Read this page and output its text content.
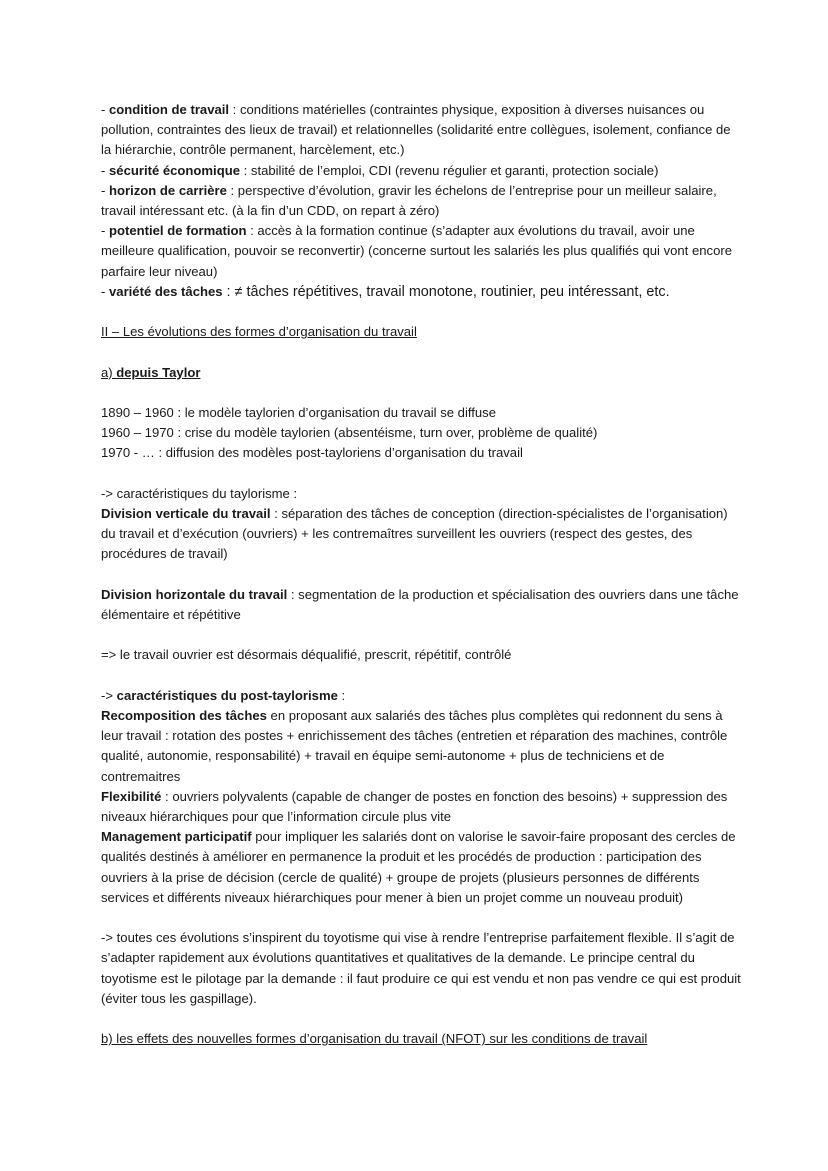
- condition de travail : conditions matérielles (contraintes physique, exposition à diverses nuisances ou pollution, contraintes des lieux de travail) et relationnelles (solidarité entre collègues, isolement, confiance de la hiérarchie, contrôle permanent, harcèlement, etc.)

- sécurité économique : stabilité de l’emploi, CDI (revenu régulier et garanti, protection sociale)

- horizon de carrière : perspective d’évolution, gravir les échelons de l’entreprise pour un meilleur salaire, travail intéressant etc. (à la fin d’un CDD, on repart à zéro)

- potentiel de formation : accès à la formation continue (s’adapter aux évolutions du travail, avoir une meilleure qualification, pouvoir se reconvertir) (concerne surtout les salariés les plus qualifiés qui vont encore parfaire leur niveau)

- variété des tâches : ≠ tâches répétitives, travail monotone, routinier, peu intéressant, etc.

II – Les évolutions des formes d’organisation du travail

a) depuis Taylor

1890 – 1960 : le modèle taylorien d’organisation du travail se diffuse

1960 – 1970 : crise du modèle taylorien (absentéisme, turn over, problème de qualité)

1970 - … : diffusion des modèles post-tayloriens d’organisation du travail

-> caractéristiques du taylorisme :

Division verticale du travail : séparation des tâches de conception (direction-spécialistes de l’organisation) du travail et d’exécution (ouvriers) + les contremaîtres surveillent les ouvriers (respect des gestes, des procédures de travail)

Division horizontale du travail : segmentation de la production et spécialisation des ouvriers dans une tâche élémentaire et répétitive

=> le travail ouvrier est désormais déqualifié, prescrit, répétitif, contrôlé

-> caractéristiques du post-taylorisme :

Recomposition des tâches en proposant aux salariés des tâches plus complètes qui redonnent du sens à leur travail : rotation des postes + enrichissement des tâches (entretien et réparation des machines, contrôle qualité, autonomie, responsabilité) + travail en équipe semi-autonome + plus de techniciens et de contremaitres

Flexibilité : ouvriers polyvalents (capable de changer de postes en fonction des besoins) + suppression des niveaux hiérarchiques pour que l’information circule plus vite

Management participatif pour impliquer les salariés dont on valorise le savoir-faire proposant des cercles de qualités destinés à améliorer en permanence la produit et les procédés de production : participation des ouvriers à la prise de décision (cercle de qualité) + groupe de projets (plusieurs personnes de différents services et différents niveaux hiérarchiques pour mener à bien un projet comme un nouveau produit)

-> toutes ces évolutions s’inspirent du toyotisme qui vise à rendre l’entreprise parfaitement flexible. Il s’agit de s’adapter rapidement aux évolutions quantitatives et qualitatives de la demande. Le principe central du toyotisme est le pilotage par la demande : il faut produire ce qui est vendu et non pas vendre ce qui est produit (éviter tous les gaspillage).

b) les effets des nouvelles formes d’organisation du travail (NFOT) sur les conditions de travail
